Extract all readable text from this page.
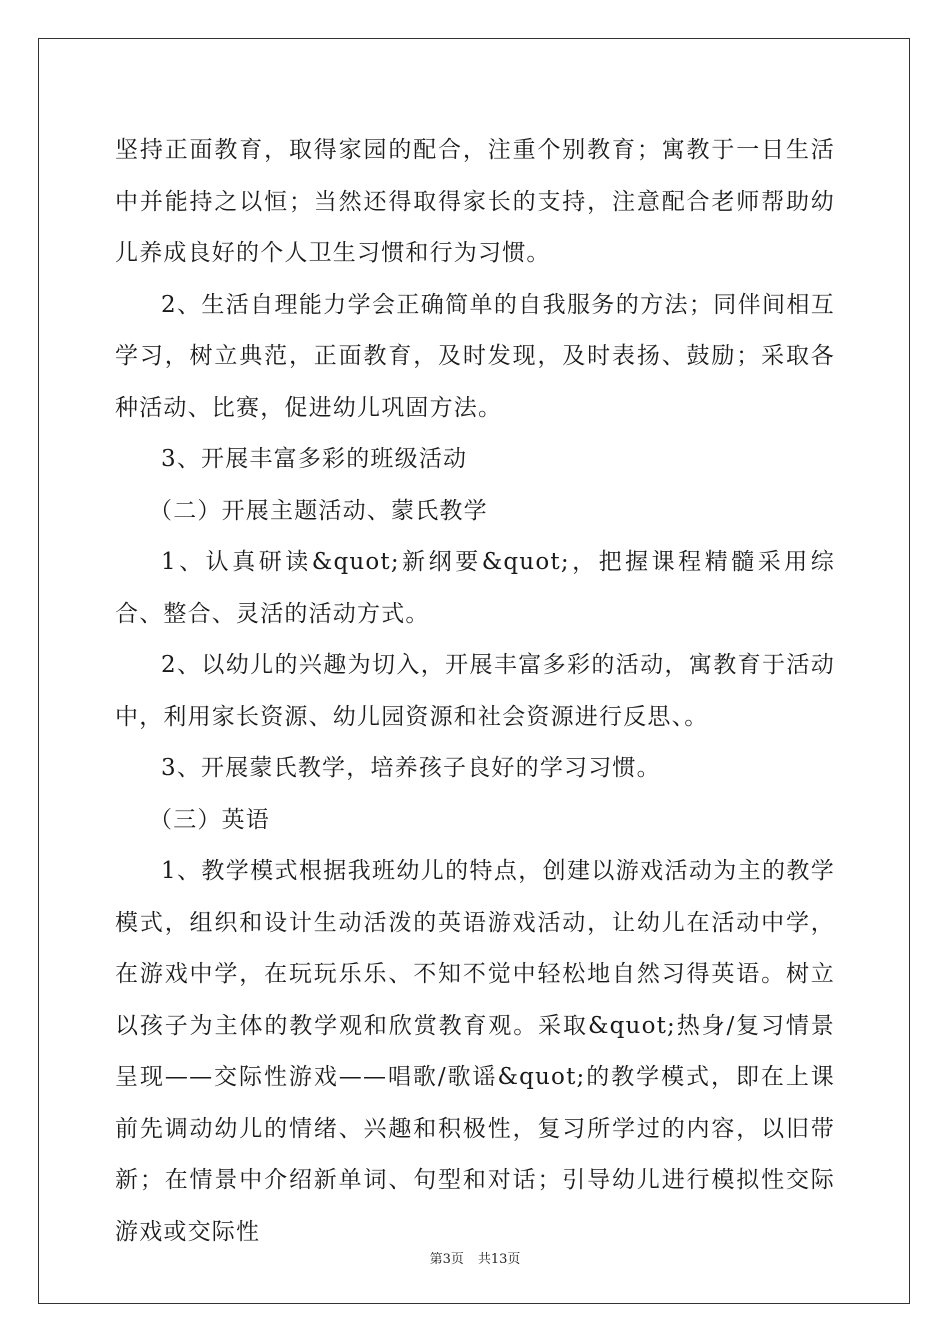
坚持正面教育，取得家园的配合，注重个别教育；寓教于一日生活中并能持之以恒；当然还得取得家长的支持，注意配合老师帮助幼儿养成良好的个人卫生习惯和行为习惯。

2、生活自理能力学会正确简单的自我服务的方法；同伴间相互学习，树立典范，正面教育，及时发现，及时表扬、鼓励；采取各种活动、比赛，促进幼儿巩固方法。

3、开展丰富多彩的班级活动

（二）开展主题活动、蒙氏教学

1、认真研读&quot;新纲要&quot;，把握课程精髓采用综合、整合、灵活的活动方式。

2、以幼儿的兴趣为切入，开展丰富多彩的活动，寓教育于活动中，利用家长资源、幼儿园资源和社会资源进行反思、。

3、开展蒙氏教学，培养孩子良好的学习习惯。

（三）英语

1、教学模式根据我班幼儿的特点，创建以游戏活动为主的教学模式，组织和设计生动活泼的英语游戏活动，让幼儿在活动中学，在游戏中学，在玩玩乐乐、不知不觉中轻松地自然习得英语。树立以孩子为主体的教学观和欣赏教育观。采取&quot;热身/复习情景呈现——交际性游戏——唱歌/歌谣&quot;的教学模式，即在上课前先调动幼儿的情绪、兴趣和积极性，复习所学过的内容，以旧带新；在情景中介绍新单词、句型和对话；引导幼儿进行模拟性交际游戏或交际性

第3页 共13页
